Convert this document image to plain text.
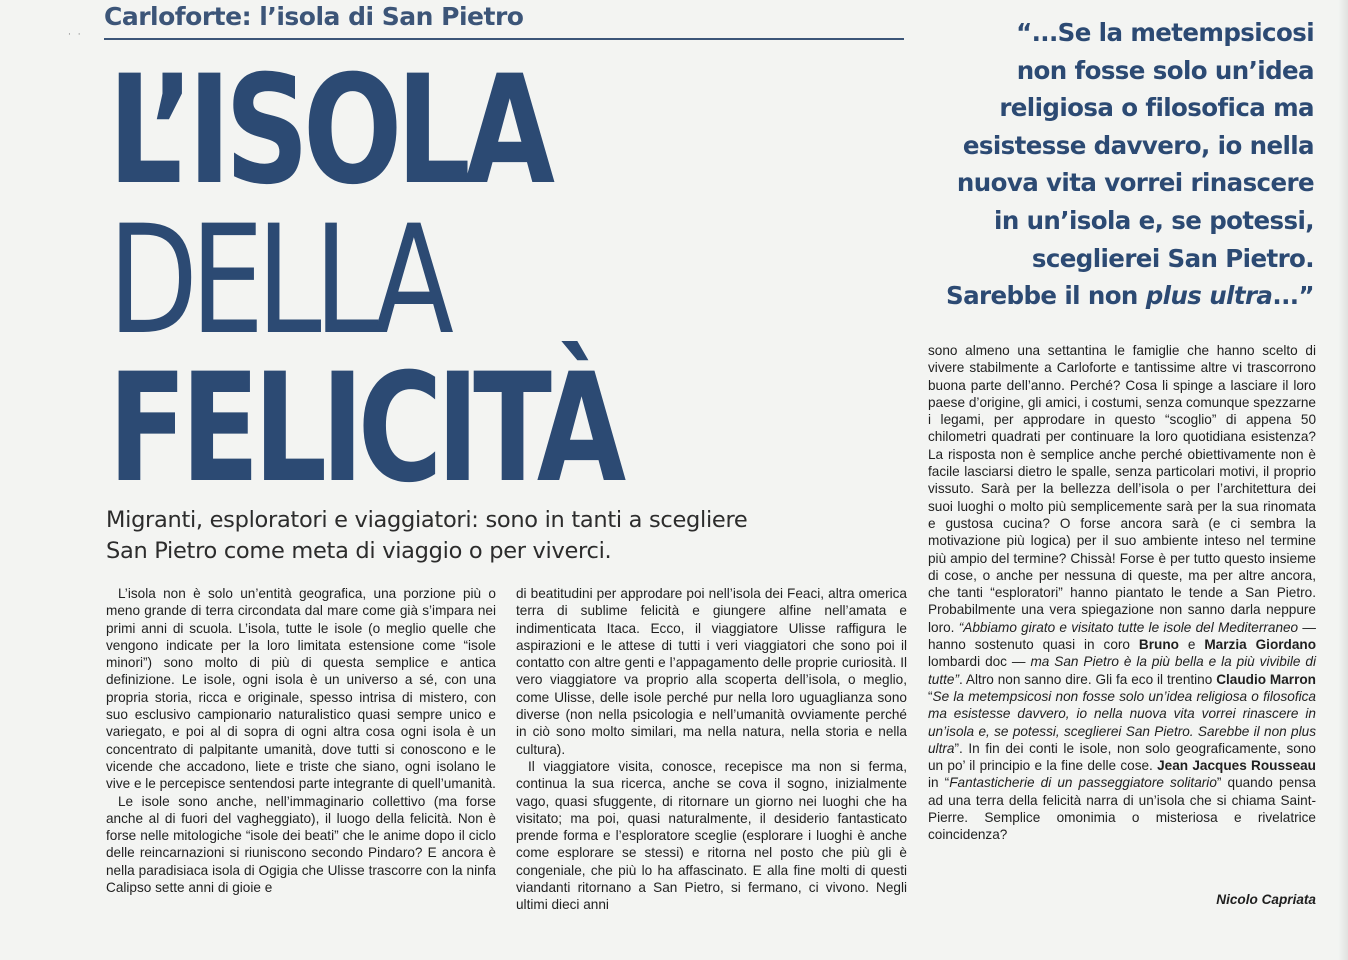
· ·
Carloforte: l’isola di San Pietro
L’ISOLA
DELLA
FELICITÀ
“...Se la metempsicosi
non fosse solo un’idea
religiosa o filosofica ma
esistesse davvero, io nella
nuova vita vorrei rinascere
in un’isola e, se potessi,
sceglierei San Pietro.
Sarebbe il non plus ultra...”
Migranti, esploratori e viaggiatori: sono in tanti a scegliere
San Pietro come meta di viaggio o per viverci.

L’isola non è solo un’entità geografica, una porzione più o meno grande di terra circondata dal mare come già s’impara nei primi anni di scuola. L’isola, tutte le isole (o meglio quelle che vengono indicate per la loro limitata estensione come “isole minori”) sono molto di più di questa semplice e antica definizione. Le isole, ogni isola è un universo a sé, con una propria storia, ricca e originale, spesso intrisa di mistero, con suo esclusivo campionario naturalistico quasi sempre unico e variegato, e poi al di sopra di ogni altra cosa ogni isola è un concentrato di palpitante umanità, dove tutti si conoscono e le vicende che accadono, liete e triste che siano, ogni isolano le vive e le percepisce sentendosi parte integrante di quell’umanità.

Le isole sono anche, nell’immaginario collettivo (ma forse anche al di fuori del vagheggiato), il luogo della felicità. Non è forse nelle mitologiche “isole dei beati” che le anime dopo il ciclo delle reincarnazioni si riuniscono secondo Pindaro? E ancora è nella paradisiaca isola di Ogigia che Ulisse trascorre con la ninfa Calipso sette anni di gioie e

di beatitudini per approdare poi nell’isola dei Feaci, altra omerica terra di sublime felicità e giungere alfine nell’amata e indimenticata Itaca. Ecco, il viaggiatore Ulisse raffigura le aspirazioni e le attese di tutti i veri viaggiatori che sono poi il contatto con altre genti e l’appagamento delle proprie curiosità. Il vero viaggiatore va proprio alla scoperta dell’isola, o meglio, come Ulisse, delle isole perché pur nella loro uguaglianza sono diverse (non nella psicologia e nell’umanità ovviamente perché in ciò sono molto similari, ma nella natura, nella storia e nella cultura).

Il viaggiatore visita, conosce, recepisce ma non si ferma, continua la sua ricerca, anche se cova il sogno, inizialmente vago, quasi sfuggente, di ritornare un giorno nei luoghi che ha visitato; ma poi, quasi naturalmente, il desiderio fantasticato prende forma e l’esploratore sceglie (esplorare i luoghi è anche come esplorare se stessi) e ritorna nel posto che più gli è congeniale, che più lo ha affascinato. E alla fine molti di questi viandanti ritornano a San Pietro, si fermano, ci vivono. Negli ultimi dieci anni

sono almeno una settantina le famiglie che hanno scelto di vivere stabilmente a Carloforte e tantissime altre vi trascorrono buona parte dell’anno. Perché? Cosa li spinge a lasciare il loro paese d’origine, gli amici, i costumi, senza comunque spezzarne i legami, per approdare in questo “scoglio” di appena 50 chilometri quadrati per continuare la loro quotidiana esistenza? La risposta non è semplice anche perché obiettivamente non è facile lasciarsi dietro le spalle, senza particolari motivi, il proprio vissuto. Sarà per la bellezza dell’isola o per l’architettura dei suoi luoghi o molto più semplicemente sarà per la sua rinomata e gustosa cucina? O forse ancora sarà (e ci sembra la motivazione più logica) per il suo ambiente inteso nel termine più ampio del termine? Chissà! Forse è per tutto questo insieme di cose, o anche per nessuna di queste, ma per altre ancora, che tanti “esploratori” hanno piantato le tende a San Pietro. Probabilmente una vera spiegazione non sanno darla neppure loro. “Abbiamo girato e visitato tutte le isole del Mediterraneo — hanno sostenuto quasi in coro Bruno e Marzia Giordano lombardi doc — ma San Pietro è la più bella e la più vivibile di tutte”. Altro non sanno dire. Gli fa eco il trentino Claudio Marron “Se la metempsicosi non fosse solo un’idea religiosa o filosofica ma esistesse davvero, io nella nuova vita vorrei rinascere in un’isola e, se potessi, sceglierei San Pietro. Sarebbe il non plus ultra”. In fin dei conti le isole, non solo geograficamente, sono un po’ il principio e la fine delle cose. Jean Jacques Rousseau in “Fantasticherie di un passeggiatore solitario” quando pensa ad una terra della felicità narra di un’isola che si chiama Saint-Pierre. Semplice omonimia o misteriosa e rivelatrice coincidenza?

Nicolo Capriata
